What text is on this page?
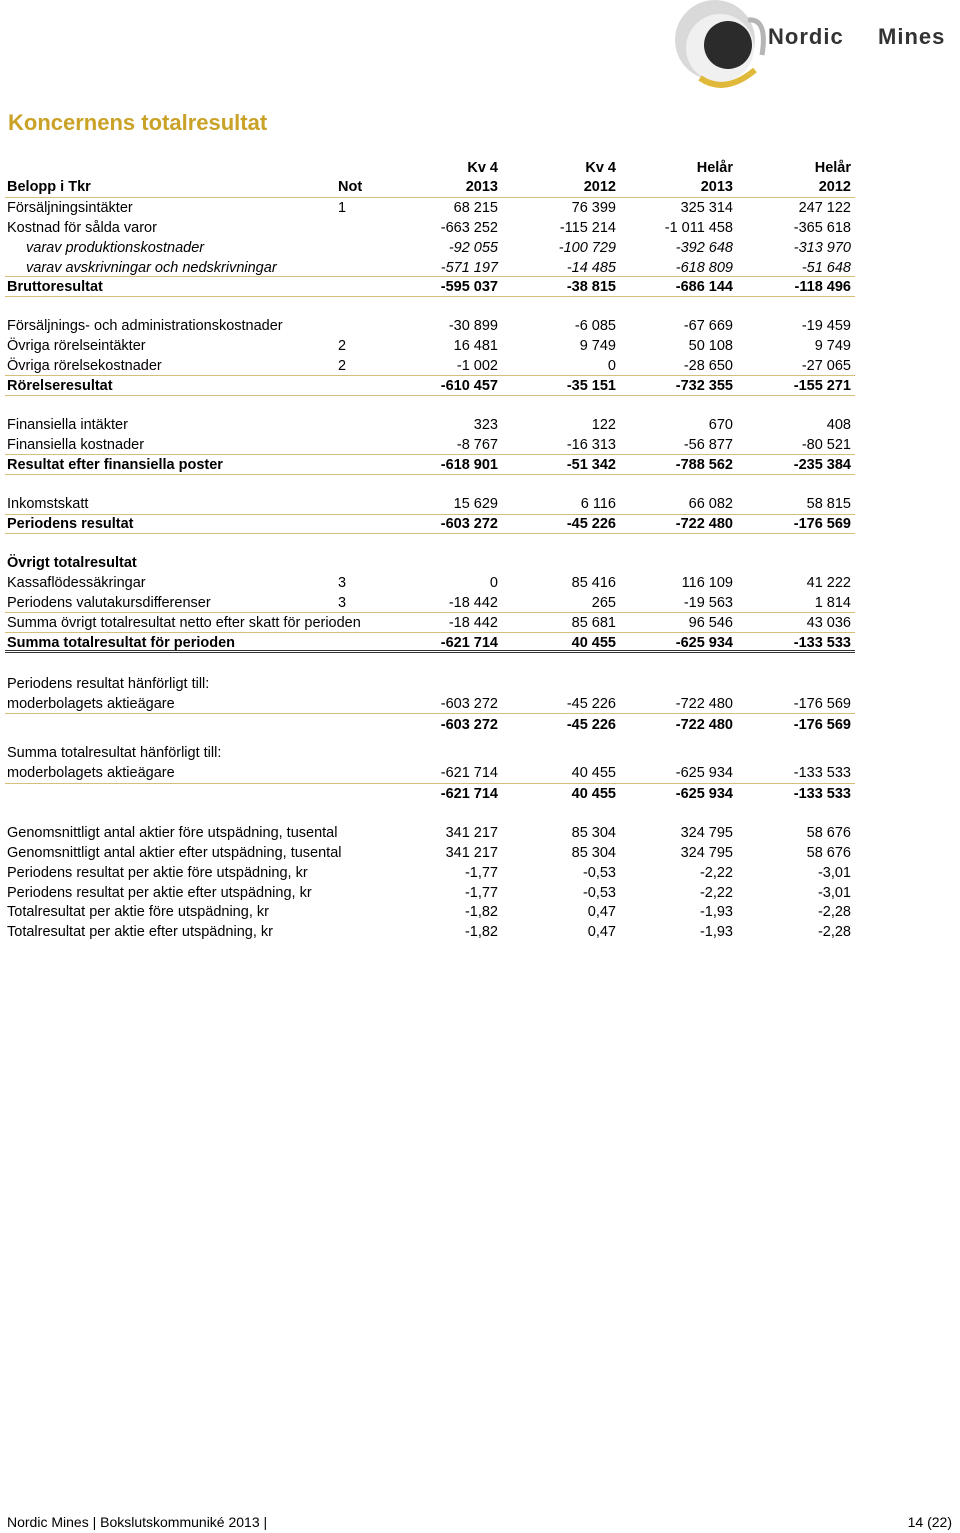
Nordic Mines
Koncernens totalresultat
Kv 4	Kv 4	Helår	Helår
Belopp i Tkr	Not	2013	2012	2013	2012
Försäljningsintäkter	1	68 215	76 399	325 314	247 122
Kostnad för sålda varor	-663 252	-115 214	-1 011 458	-365 618
varav produktionskostnader	-92 055	-100 729	-392 648	-313 970
varav avskrivningar och nedskrivningar	-571 197	-14 485	-618 809	-51 648
Bruttoresultat	-595 037	-38 815	-686 144	-118 496
Försäljnings- och administrationskostnader	-30 899	-6 085	-67 669	-19 459
Övriga rörelseintäkter	2	16 481	9 749	50 108	9 749
Övriga rörelsekostnader	2	-1 002	0	-28 650	-27 065
Rörelseresultat	-610 457	-35 151	-732 355	-155 271
Finansiella intäkter	323	122	670	408
Finansiella kostnader	-8 767	-16 313	-56 877	-80 521
Resultat efter finansiella poster	-618 901	-51 342	-788 562	-235 384
Inkomstskatt	15 629	6 116	66 082	58 815
Periodens resultat	-603 272	-45 226	-722 480	-176 569
Övrigt totalresultat
Kassaflödessäkringar	3	0	85 416	116 109	41 222
Periodens valutakursdifferenser	3	-18 442	265	-19 563	1 814
Summa övrigt totalresultat netto efter skatt för perioden	-18 442	85 681	96 546	43 036
Summa totalresultat för perioden	-621 714	40 455	-625 934	-133 533
Periodens resultat hänförligt till:
moderbolagets aktieägare	-603 272	-45 226	-722 480	-176 569
-603 272	-45 226	-722 480	-176 569
Summa totalresultat hänförligt till:
moderbolagets aktieägare	-621 714	40 455	-625 934	-133 533
-621 714	40 455	-625 934	-133 533
Genomsnittligt antal aktier före utspädning, tusental	341 217	85 304	324 795	58 676
Genomsnittligt antal aktier efter utspädning, tusental	341 217	85 304	324 795	58 676
Periodens resultat per aktie före utspädning, kr	-1,77	-0,53	-2,22	-3,01
Periodens resultat per aktie efter utspädning, kr	-1,77	-0,53	-2,22	-3,01
Totalresultat per aktie före utspädning, kr	-1,82	0,47	-1,93	-2,28
Totalresultat per aktie efter utspädning, kr	-1,82	0,47	-1,93	-2,28
Nordic Mines | Bokslutskommuniké 2013 |	14 (22)
